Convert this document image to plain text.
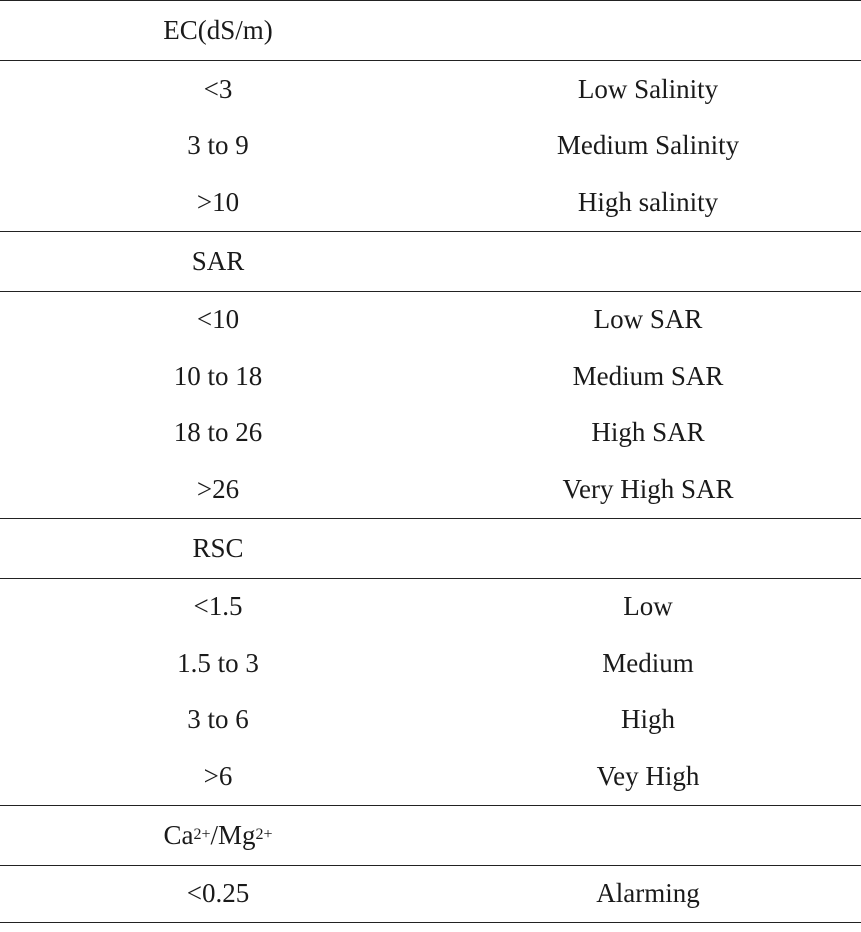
EC(dS/m)
<3	Low Salinity
3 to 9	Medium Salinity
>10	High salinity
SAR
<10	Low SAR
10 to 18	Medium SAR
18 to 26	High SAR
>26	Very High SAR
RSC
<1.5	Low
1.5 to 3	Medium
3 to 6	High
>6	Vey High
Ca 2+ /Mg 2+
<0.25	Alarming
